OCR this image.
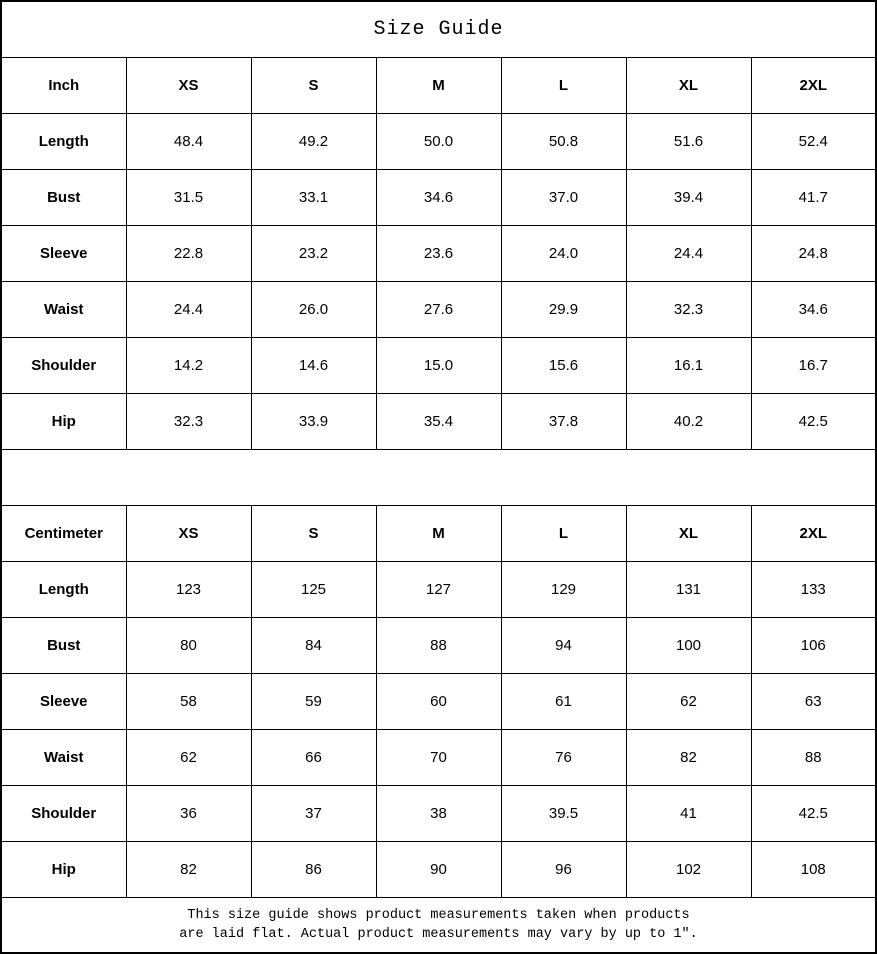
Size Guide						
Inch	XS	S	M	L	XL	2XL
Length	48.4	49.2	50.0	50.8	51.6	52.4
Bust	31.5	33.1	34.6	37.0	39.4	41.7
Sleeve	22.8	23.2	23.6	24.0	24.4	24.8
Waist	24.4	26.0	27.6	29.9	32.3	34.6
Shoulder	14.2	14.6	15.0	15.6	16.1	16.7
Hip	32.3	33.9	35.4	37.8	40.2	42.5

Centimeter	XS	S	M	L	XL	2XL
Length	123	125	127	129	131	133
Bust	80	84	88	94	100	106
Sleeve	58	59	60	61	62	63
Waist	62	66	70	76	82	88
Shoulder	36	37	38	39.5	41	42.5
Hip	82	86	90	96	102	108

This size guide shows product measurements taken when products
are laid flat. Actual product measurements may vary by up to 1″.						
